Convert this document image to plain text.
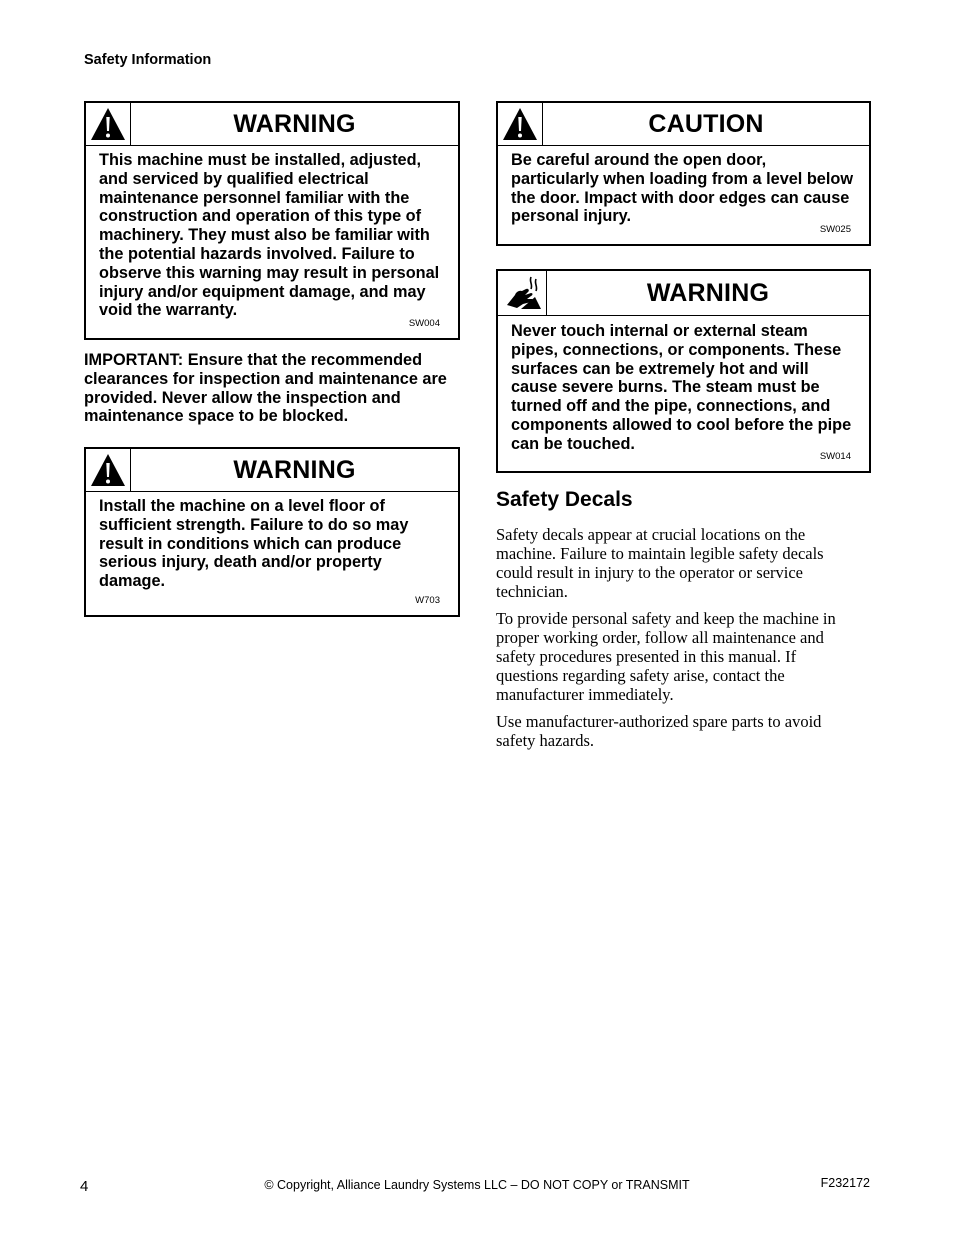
Safety Information
WARNING
This machine must be installed, adjusted, and serviced by qualified electrical maintenance personnel familiar with the construction and operation of this type of machinery. They must also be familiar with the potential hazards involved. Failure to observe this warning may result in personal injury and/or equipment damage, and may void the warranty.
SW004
IMPORTANT: Ensure that the recommended clearances for inspection and maintenance are provided. Never allow the inspection and maintenance space to be blocked.
WARNING
Install the machine on a level floor of sufficient strength. Failure to do so may result in conditions which can produce serious injury, death and/or property damage.
W703
CAUTION
Be careful around the open door, particularly when loading from a level below the door. Impact with door edges can cause personal injury.
SW025
WARNING
Never touch internal or external steam pipes, connections, or components. These surfaces can be extremely hot and will cause severe burns. The steam must be turned off and the pipe, connections, and components allowed to cool before the pipe can be touched.
SW014
Safety Decals
Safety decals appear at crucial locations on the machine. Failure to maintain legible safety decals could result in injury to the operator or service technician.
To provide personal safety and keep the machine in proper working order, follow all maintenance and safety procedures presented in this manual. If questions regarding safety arise, contact the manufacturer immediately.
Use manufacturer-authorized spare parts to avoid safety hazards.
© Copyright, Alliance Laundry Systems LLC – DO NOT COPY or TRANSMIT
4	F232172
